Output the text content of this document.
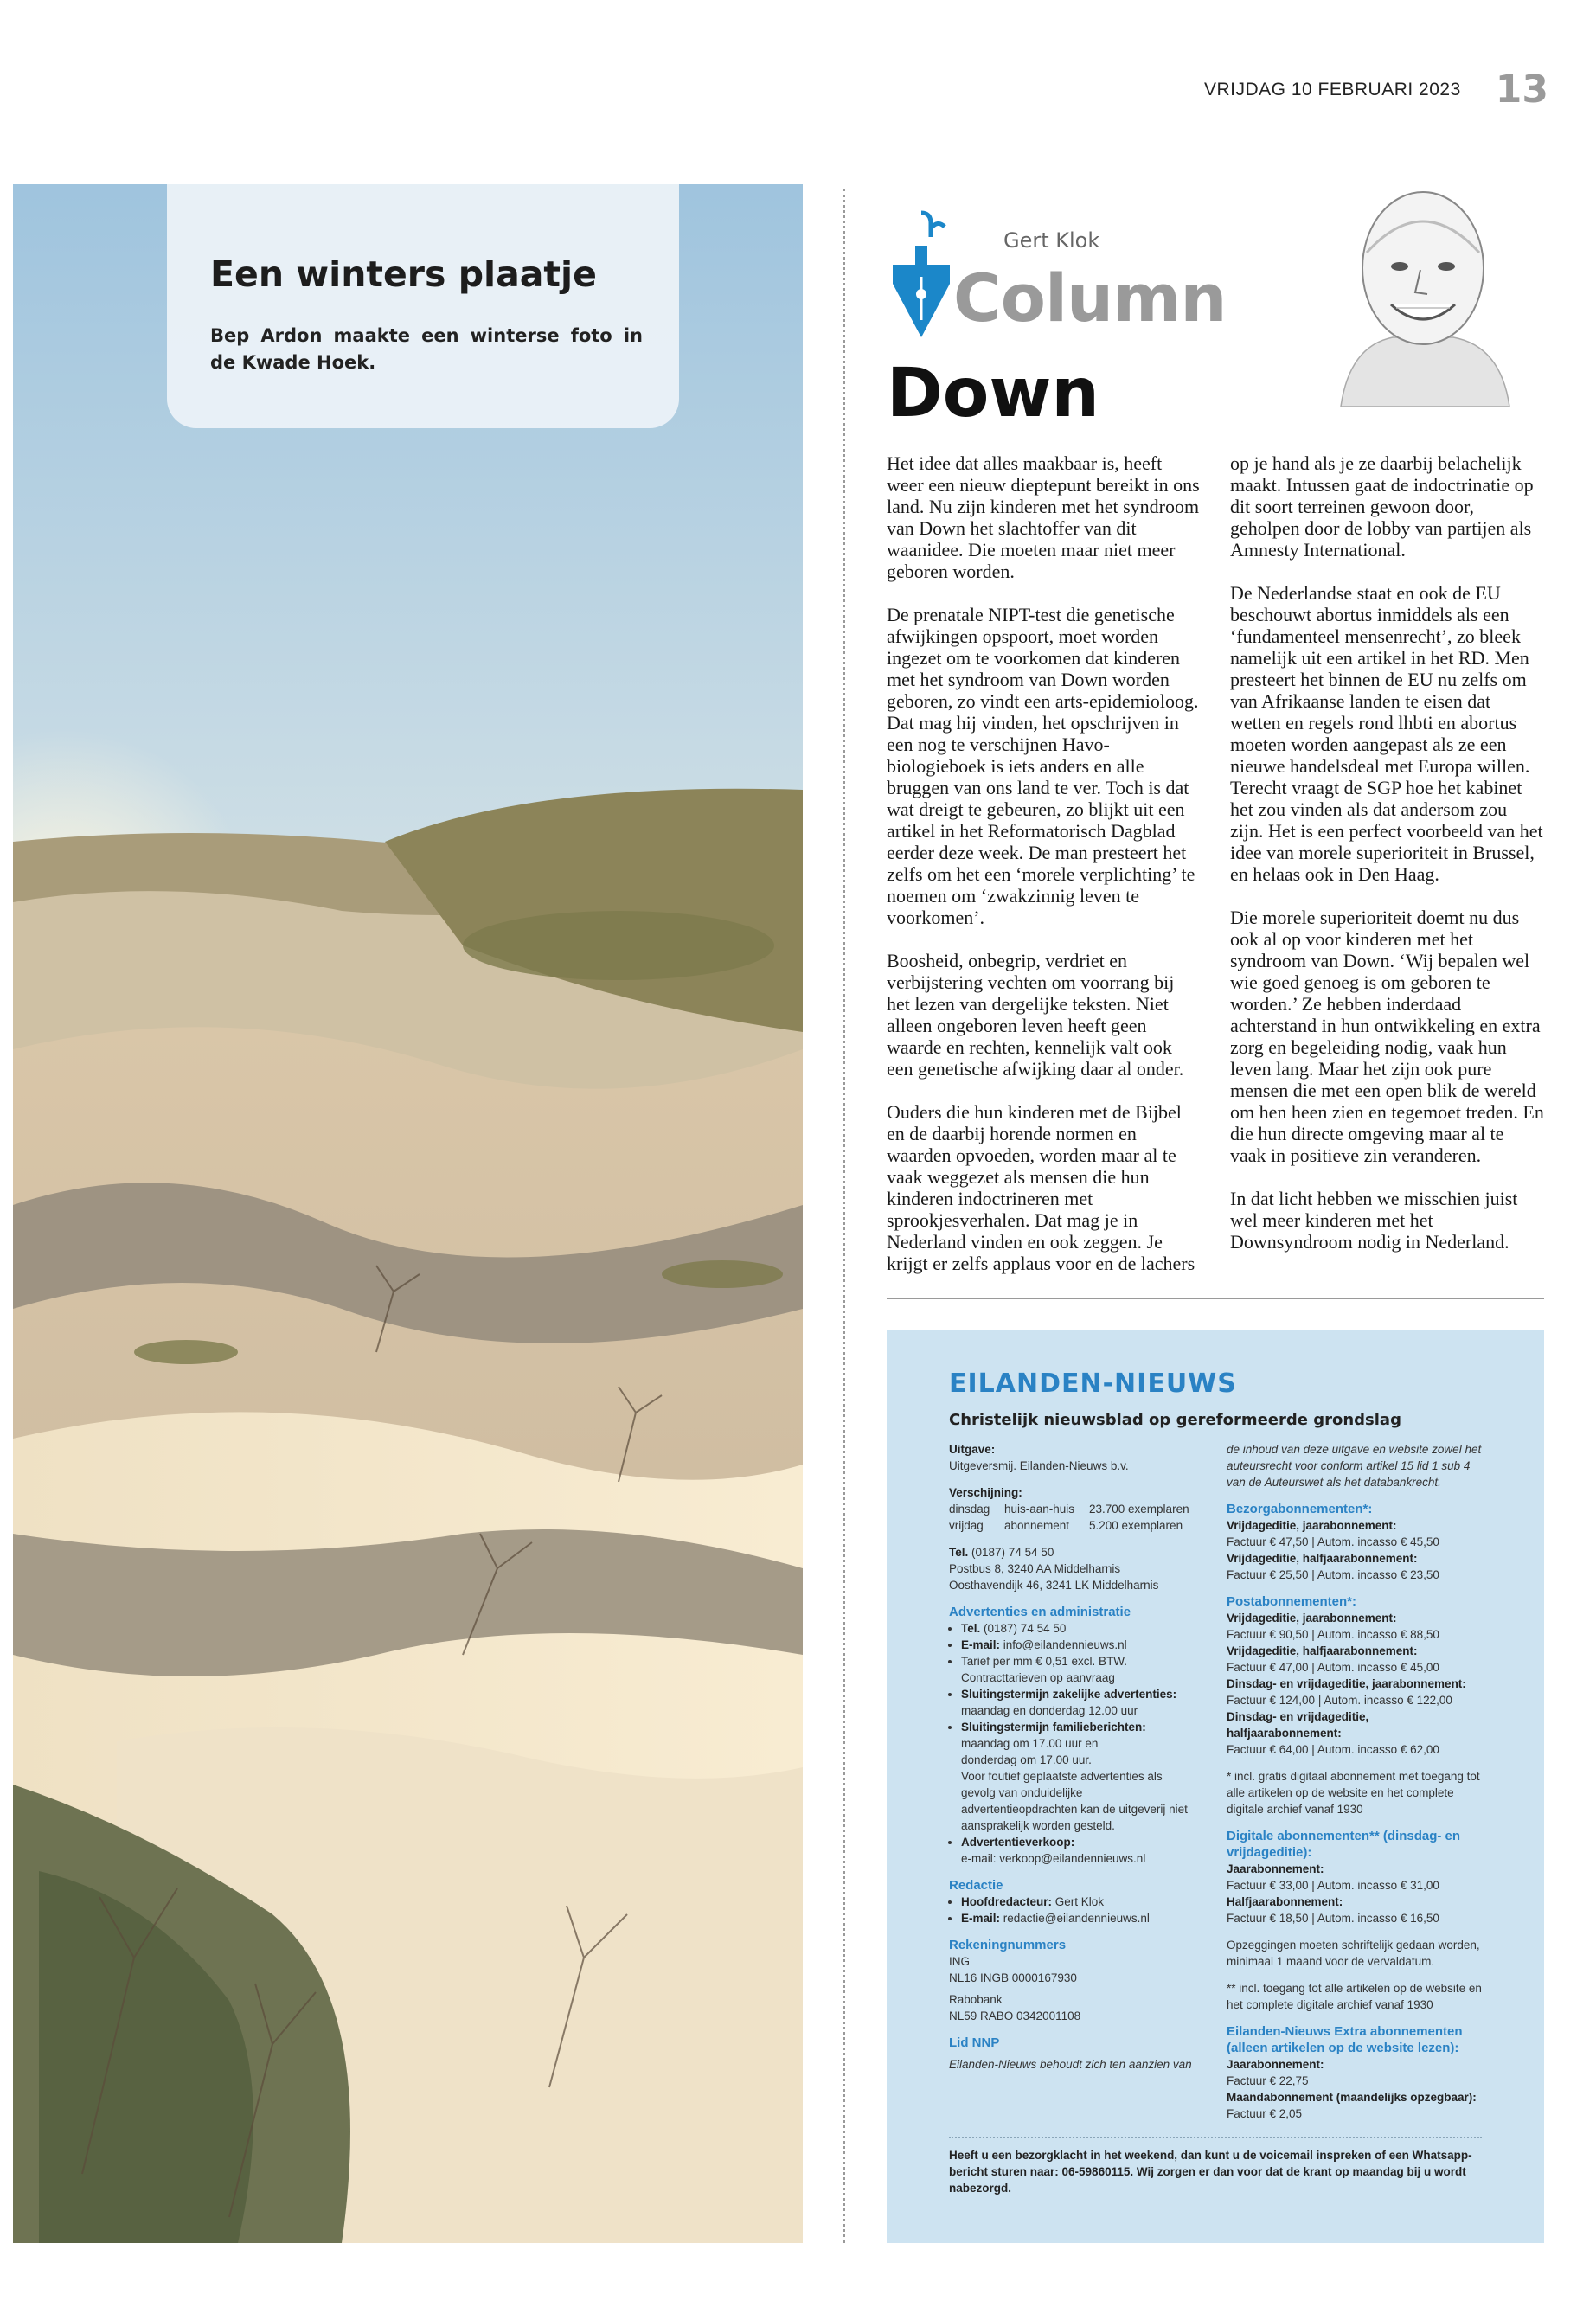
VRIJDAG 10 FEBRUARI 2023 13
Een winters plaatje

Bep Ardon maakte een winterse foto in de Kwade Hoek.

Gert Klok
Column
Down

Het idee dat alles maakbaar is, heeft weer een nieuw dieptepunt bereikt in ons land. Nu zijn kinderen met het syndroom van Down het slachtoffer van dit waanidee. Die moeten maar niet meer geboren worden.

De prenatale NIPT-test die genetische afwijkingen opspoort, moet worden ingezet om te voorkomen dat kinderen met het syndroom van Down worden geboren, zo vindt een arts-epidemioloog. Dat mag hij vinden, het opschrijven in een nog te verschijnen Havo-biologieboek is iets anders en alle bruggen van ons land te ver. Toch is dat wat dreigt te gebeuren, zo blijkt uit een artikel in het Reformatorisch Dagblad eerder deze week. De man presteert het zelfs om het een ‘morele verplichting’ te noemen om ‘zwakzinnig leven te voorkomen’.

Boosheid, onbegrip, verdriet en verbijstering vechten om voorrang bij het lezen van dergelijke teksten. Niet alleen ongeboren leven heeft geen waarde en rechten, kennelijk valt ook een genetische afwijking daar al onder.

Ouders die hun kinderen met de Bijbel en de daarbij horende normen en waarden opvoeden, worden maar al te vaak weggezet als mensen die hun kinderen indoctrineren met sprookjesverhalen. Dat mag je in Nederland vinden en ook zeggen. Je krijgt er zelfs applaus voor en de lachers op je hand als je ze daarbij belachelijk maakt. Intussen gaat de indoctrinatie op dit soort terreinen gewoon door, geholpen door de lobby van partijen als Amnesty International.

De Nederlandse staat en ook de EU beschouwt abortus inmiddels als een ‘fundamenteel mensenrecht’, zo bleek namelijk uit een artikel in het RD. Men presteert het binnen de EU nu zelfs om van Afrikaanse landen te eisen dat wetten en regels rond lhbti en abortus moeten worden aangepast als ze een nieuwe handelsdeal met Europa willen. Terecht vraagt de SGP hoe het kabinet het zou vinden als dat andersom zou zijn. Het is een perfect voorbeeld van het idee van morele superioriteit in Brussel, en helaas ook in Den Haag.

Die morele superioriteit doemt nu dus ook al op voor kinderen met het syndroom van Down. ‘Wij bepalen wel wie goed genoeg is om geboren te worden.’ Ze hebben inderdaad achterstand in hun ontwikkeling en extra zorg en begeleiding nodig, vaak hun leven lang. Maar het zijn ook pure mensen die met een open blik de wereld om hen heen zien en tegemoet treden. En die hun directe omgeving maar al te vaak in positieve zin veranderen.

In dat licht hebben we misschien juist wel meer kinderen met het Downsyndroom nodig in Nederland.

EILANDEN-NIEUWS
Christelijk nieuwsblad op gereformeerde grondslag
Uitgave:
Uitgeversmij. Eilanden-Nieuws b.v.
Verschijning:
dinsdag	huis-aan-huis	23.700 exemplaren
vrijdag	abonnement	5.200 exemplaren
Tel. (0187) 74 54 50
Postbus 8, 3240 AA Middelharnis
Oosthavendijk 46, 3241 LK Middelharnis
Advertenties en administratie
• Tel. (0187) 74 54 50
• E-mail: info@eilandennieuws.nl
• Tarief per mm € 0,51 excl. BTW.
Contracttarieven op aanvraag
• Sluitingstermijn zakelijke advertenties:
maandag en donderdag 12.00 uur
• Sluitingstermijn familieberichten:
maandag om 17.00 uur en
donderdag om 17.00 uur.
Voor foutief geplaatste advertenties als gevolg van onduidelijke advertentieopdrachten kan de uitgeverij niet aansprakelijk worden gesteld.
• Advertentieverkoop:
e-mail: verkoop@eilandennieuws.nl
Redactie
• Hoofdredacteur: Gert Klok
• E-mail: redactie@eilandennieuws.nl
Rekeningnummers
ING
NL16 INGB 0000167930
Rabobank
NL59 RABO 0342001108
Lid NNP
Eilanden-Nieuws behoudt zich ten aanzien van

de inhoud van deze uitgave en website zowel het auteursrecht voor conform artikel 15 lid 1 sub 4 van de Auteurswet als het databankrecht.

Bezorgabonnementen*:
Vrijdageditie, jaarabonnement:
Factuur € 47,50 | Autom. incasso € 45,50
Vrijdageditie, halfjaarabonnement:
Factuur € 25,50 | Autom. incasso € 23,50
Postabonnementen*:
Vrijdageditie, jaarabonnement:
Factuur € 90,50 | Autom. incasso € 88,50
Vrijdageditie, halfjaarabonnement:
Factuur € 47,00 | Autom. incasso € 45,00
Dinsdag- en vrijdageditie, jaarabonnement:
Factuur € 124,00 | Autom. incasso € 122,00
Dinsdag- en vrijdageditie, halfjaarabonnement:
Factuur € 64,00 | Autom. incasso € 62,00

* incl. gratis digitaal abonnement met toegang tot alle artikelen op de website en het complete digitale archief vanaf 1930

Digitale abonnementen** (dinsdag- en vrijdageditie):
Jaarabonnement:
Factuur € 33,00 | Autom. incasso € 31,00
Halfjaarabonnement:
Factuur € 18,50 | Autom. incasso € 16,50

Opzeggingen moeten schriftelijk gedaan worden, minimaal 1 maand voor de vervaldatum.

** incl. toegang tot alle artikelen op de website en het complete digitale archief vanaf 1930

Eilanden-Nieuws Extra abonnementen (alleen artikelen op de website lezen):
Jaarabonnement:
Factuur € 22,75
Maandabonnement (maandelijks opzegbaar):
Factuur € 2,05

Heeft u een bezorgklacht in het weekend, dan kunt u de voicemail inspreken of een Whatsapp-bericht sturen naar: 06-59860115. Wij zorgen er dan voor dat de krant op maandag bij u wordt nabezorgd.
